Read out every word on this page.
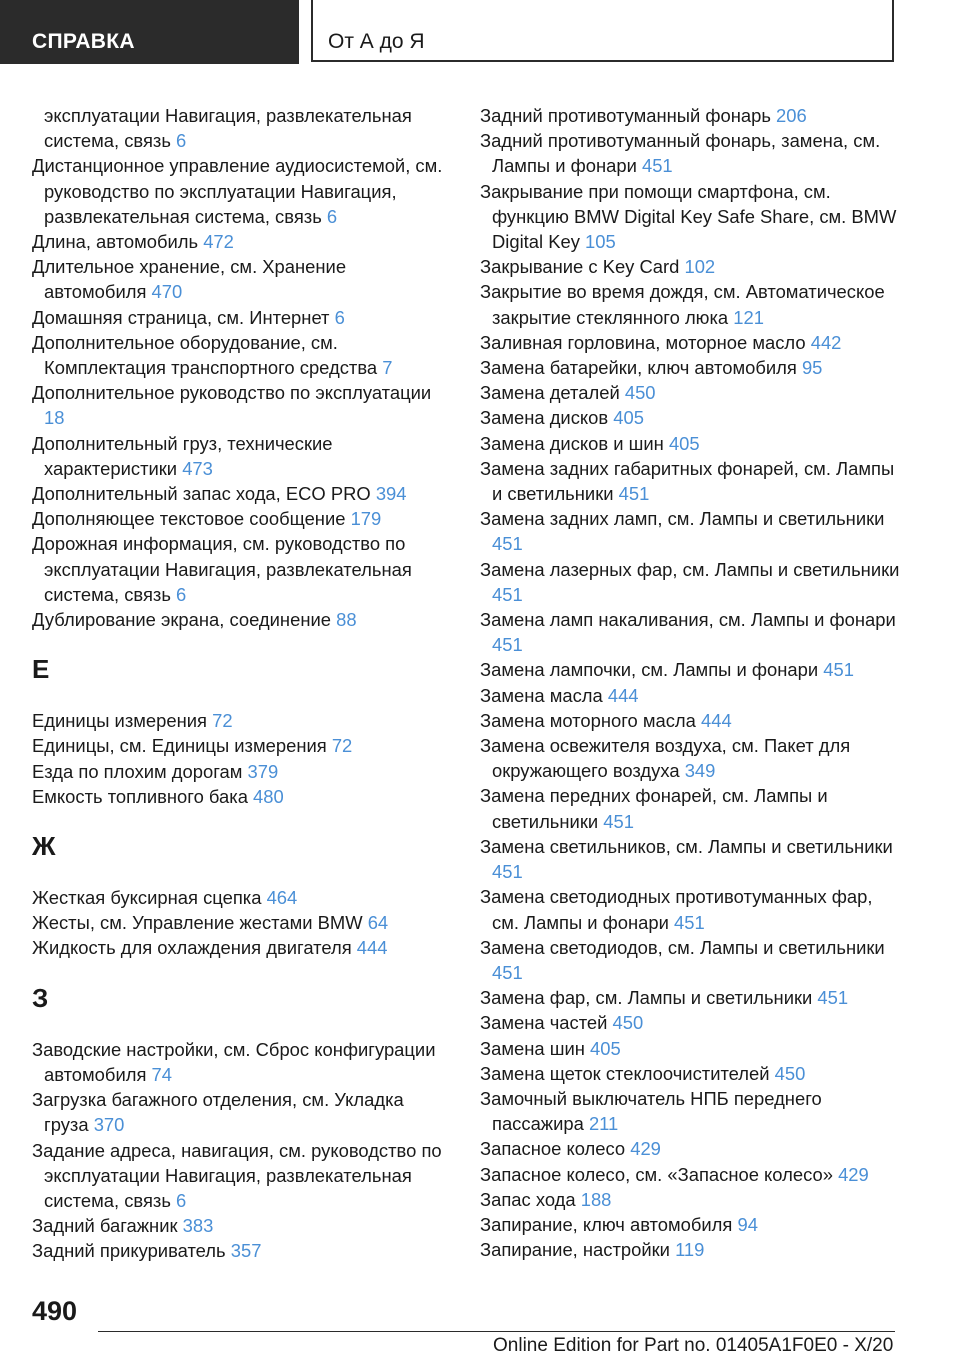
СПРАВКА	От А до Я

эксплуатации Навигация, развлекательная система, связь 6

Дистанционное управление аудиосистемой, см. руководство по эксплуатации Навигация, развлекательная система, связь 6

Длина, автомобиль 472

Длительное хранение, см. Хранение автомобиля 470

Домашняя страница, см. Интернет 6

Дополнительное оборудование, см. Комплектация транспортного средства 7

Дополнительное руководство по эксплуатации 18

Дополнительный груз, технические характеристики 473

Дополнительный запас хода, ECO PRO 394

Дополняющее текстовое сообщение 179

Дорожная информация, см. руководство по эксплуатации Навигация, развлекательная система, связь 6

Дублирование экрана, соединение 88

Е

Единицы измерения 72

Единицы, см. Единицы измерения 72

Езда по плохим дорогам 379

Емкость топливного бака 480

Ж

Жесткая буксирная сцепка 464

Жесты, см. Управление жестами BMW 64

Жидкость для охлаждения двигателя 444

З

Заводские настройки, см. Сброс конфигурации автомобиля 74

Загрузка багажного отделения, см. Укладка груза 370

Задание адреса, навигация, см. руководство по эксплуатации Навигация, развлекательная система, связь 6

Задний багажник 383

Задний прикуриватель 357

Задний противотуманный фонарь 206

Задний противотуманный фонарь, замена, см. Лампы и фонари 451

Закрывание при помощи смартфона, см. функцию BMW Digital Key Safe Share, см. BMW Digital Key 105

Закрывание с Key Card 102

Закрытие во время дождя, см. Автоматическое закрытие стеклянного люка 121

Заливная горловина, моторное масло 442

Замена батарейки, ключ автомобиля 95

Замена деталей 450

Замена дисков 405

Замена дисков и шин 405

Замена задних габаритных фонарей, см. Лампы и светильники 451

Замена задних ламп, см. Лампы и светильники 451

Замена лазерных фар, см. Лампы и светильники 451

Замена ламп накаливания, см. Лампы и фонари 451

Замена лампочки, см. Лампы и фонари 451

Замена масла 444

Замена моторного масла 444

Замена освежителя воздуха, см. Пакет для окружающего воздуха 349

Замена передних фонарей, см. Лампы и светильники 451

Замена светильников, см. Лампы и светильники 451

Замена светодиодных противотуманных фар, см. Лампы и фонари 451

Замена светодиодов, см. Лампы и светильники 451

Замена фар, см. Лампы и светильники 451

Замена частей 450

Замена шин 405

Замена щеток стеклоочистителей 450

Замочный выключатель НПБ переднего пассажира 211

Запасное колесо 429

Запасное колесо, см. «Запасное колесо» 429

Запас хода 188

Запирание, ключ автомобиля 94

Запирание, настройки 119

490
Online Edition for Part no. 01405A1F0E0 - X/20
